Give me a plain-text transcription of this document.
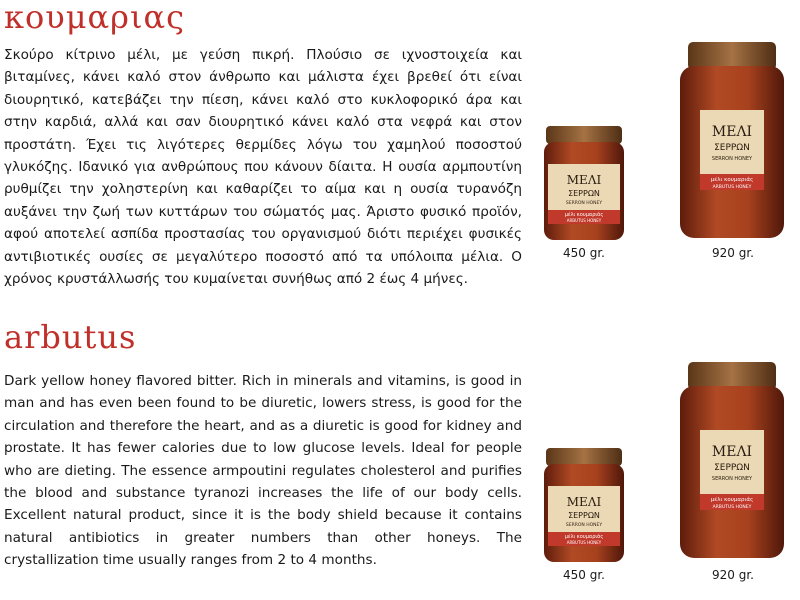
κουμαριας

Σκούρο κίτρινο μέλι, με γεύση πικρή. Πλούσιο σε ιχνοστοιχεία και βιταμίνες, κάνει καλό στον άνθρωπο και μάλιστα έχει βρεθεί ότι είναι διουρητικό, κατεβάζει την πίεση, κάνει καλό στο κυκλοφορικό άρα και στην καρδιά, αλλά και σαν διουρητικό κάνει καλό στα νεφρά και στον προστάτη. Έχει τις λιγότερες θερμίδες λόγω του χαμηλού ποσοστού γλυκόζης. Ιδανικό για ανθρώπους που κάνουν δίαιτα. Η ουσία αρμπουτίνη ρυθμίζει την χοληστερίνη και καθαρίζει το αίμα και η ουσία τυρανόζη αυξάνει την ζωή των κυττάρων του σώματός μας. Άριστο φυσικό προϊόν, αφού αποτελεί ασπίδα προστασίας του οργανισμού διότι περιέχει φυσικές αντιβιοτικές ουσίες σε μεγαλύτερο ποσοστό από τα υπόλοιπα μέλια. Ο χρόνος κρυστάλλωσής του κυμαίνεται συνήθως από 2 έως 4 μήνες.

ΜΕΛΙ
ΣΕΡΡΩΝ
SERRON HONEY
μέλι κουμαριάς
ARBUTUS HONEY
450 gr.
ΜΕΛΙ
ΣΕΡΡΩΝ
SERRON HONEY
μέλι κουμαριάς
ARBUTUS HONEY
920 gr.
arbutus

Dark yellow honey flavored bitter. Rich in minerals and vitamins, is good in man and has even been found to be diuretic, lowers stress, is good for the circulation and therefore the heart, and as a diuretic is good for kidney and prostate. It has fewer calories due to low glucose levels. Ideal for people who are dieting. The essence armpoutini regulates cholesterol and purifies the blood and substance tyranozi increases the life of our body cells. Excellent natural product, since it is the body shield because it contains natural antibiotics in greater numbers than other honeys. The crystallization time usually ranges from 2 to 4 months.

ΜΕΛΙ
ΣΕΡΡΩΝ
SERRON HONEY
μέλι κουμαριάς
ARBUTUS HONEY
450 gr.
ΜΕΛΙ
ΣΕΡΡΩΝ
SERRON HONEY
μέλι κουμαριάς
ARBUTUS HONEY
920 gr.
